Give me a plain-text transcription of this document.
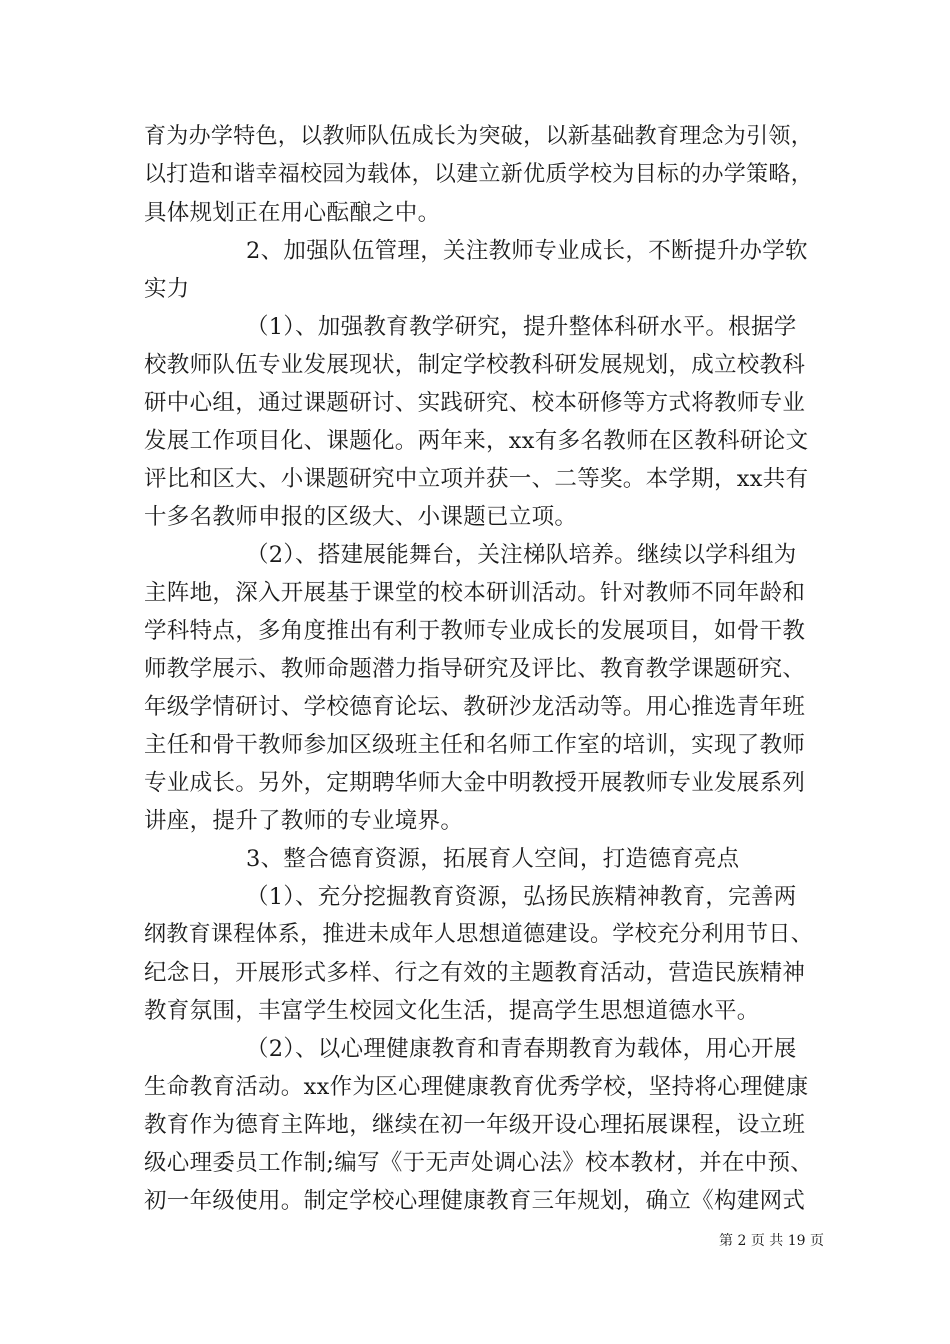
育为办学特色，以教师队伍成长为突破，以新基础教育理念为引领，
以打造和谐幸福校园为载体，以建立新优质学校为目标的办学策略，
具体规划正在用心酝酿之中。
2、加强队伍管理，关注教师专业成长，不断提升办学软
实力
（1）、加强教育教学研究，提升整体科研水平。根据学
校教师队伍专业发展现状，制定学校教科研发展规划，成立校教科
研中心组，通过课题研讨、实践研究、校本研修等方式将教师专业
发展工作项目化、课题化。两年来，xx有多名教师在区教科研论文
评比和区大、小课题研究中立项并获一、二等奖。本学期，xx共有
十多名教师申报的区级大、小课题已立项。
（2）、搭建展能舞台，关注梯队培养。继续以学科组为
主阵地，深入开展基于课堂的校本研训活动。针对教师不同年龄和
学科特点，多角度推出有利于教师专业成长的发展项目，如骨干教
师教学展示、教师命题潜力指导研究及评比、教育教学课题研究、
年级学情研讨、学校德育论坛、教研沙龙活动等。用心推选青年班
主任和骨干教师参加区级班主任和名师工作室的培训，实现了教师
专业成长。另外，定期聘华师大金中明教授开展教师专业发展系列
讲座，提升了教师的专业境界。
3、整合德育资源，拓展育人空间，打造德育亮点
（1）、充分挖掘教育资源，弘扬民族精神教育，完善两
纲教育课程体系，推进未成年人思想道德建设。学校充分利用节日、
纪念日，开展形式多样、行之有效的主题教育活动，营造民族精神
教育氛围，丰富学生校园文化生活，提高学生思想道德水平。
（2）、以心理健康教育和青春期教育为载体，用心开展
生命教育活动。xx作为区心理健康教育优秀学校，坚持将心理健康
教育作为德育主阵地，继续在初一年级开设心理拓展课程，设立班
级心理委员工作制;编写《于无声处调心法》校本教材，并在中预、
初一年级使用。制定学校心理健康教育三年规划，确立《构建网式
第 2 页 共 19 页
